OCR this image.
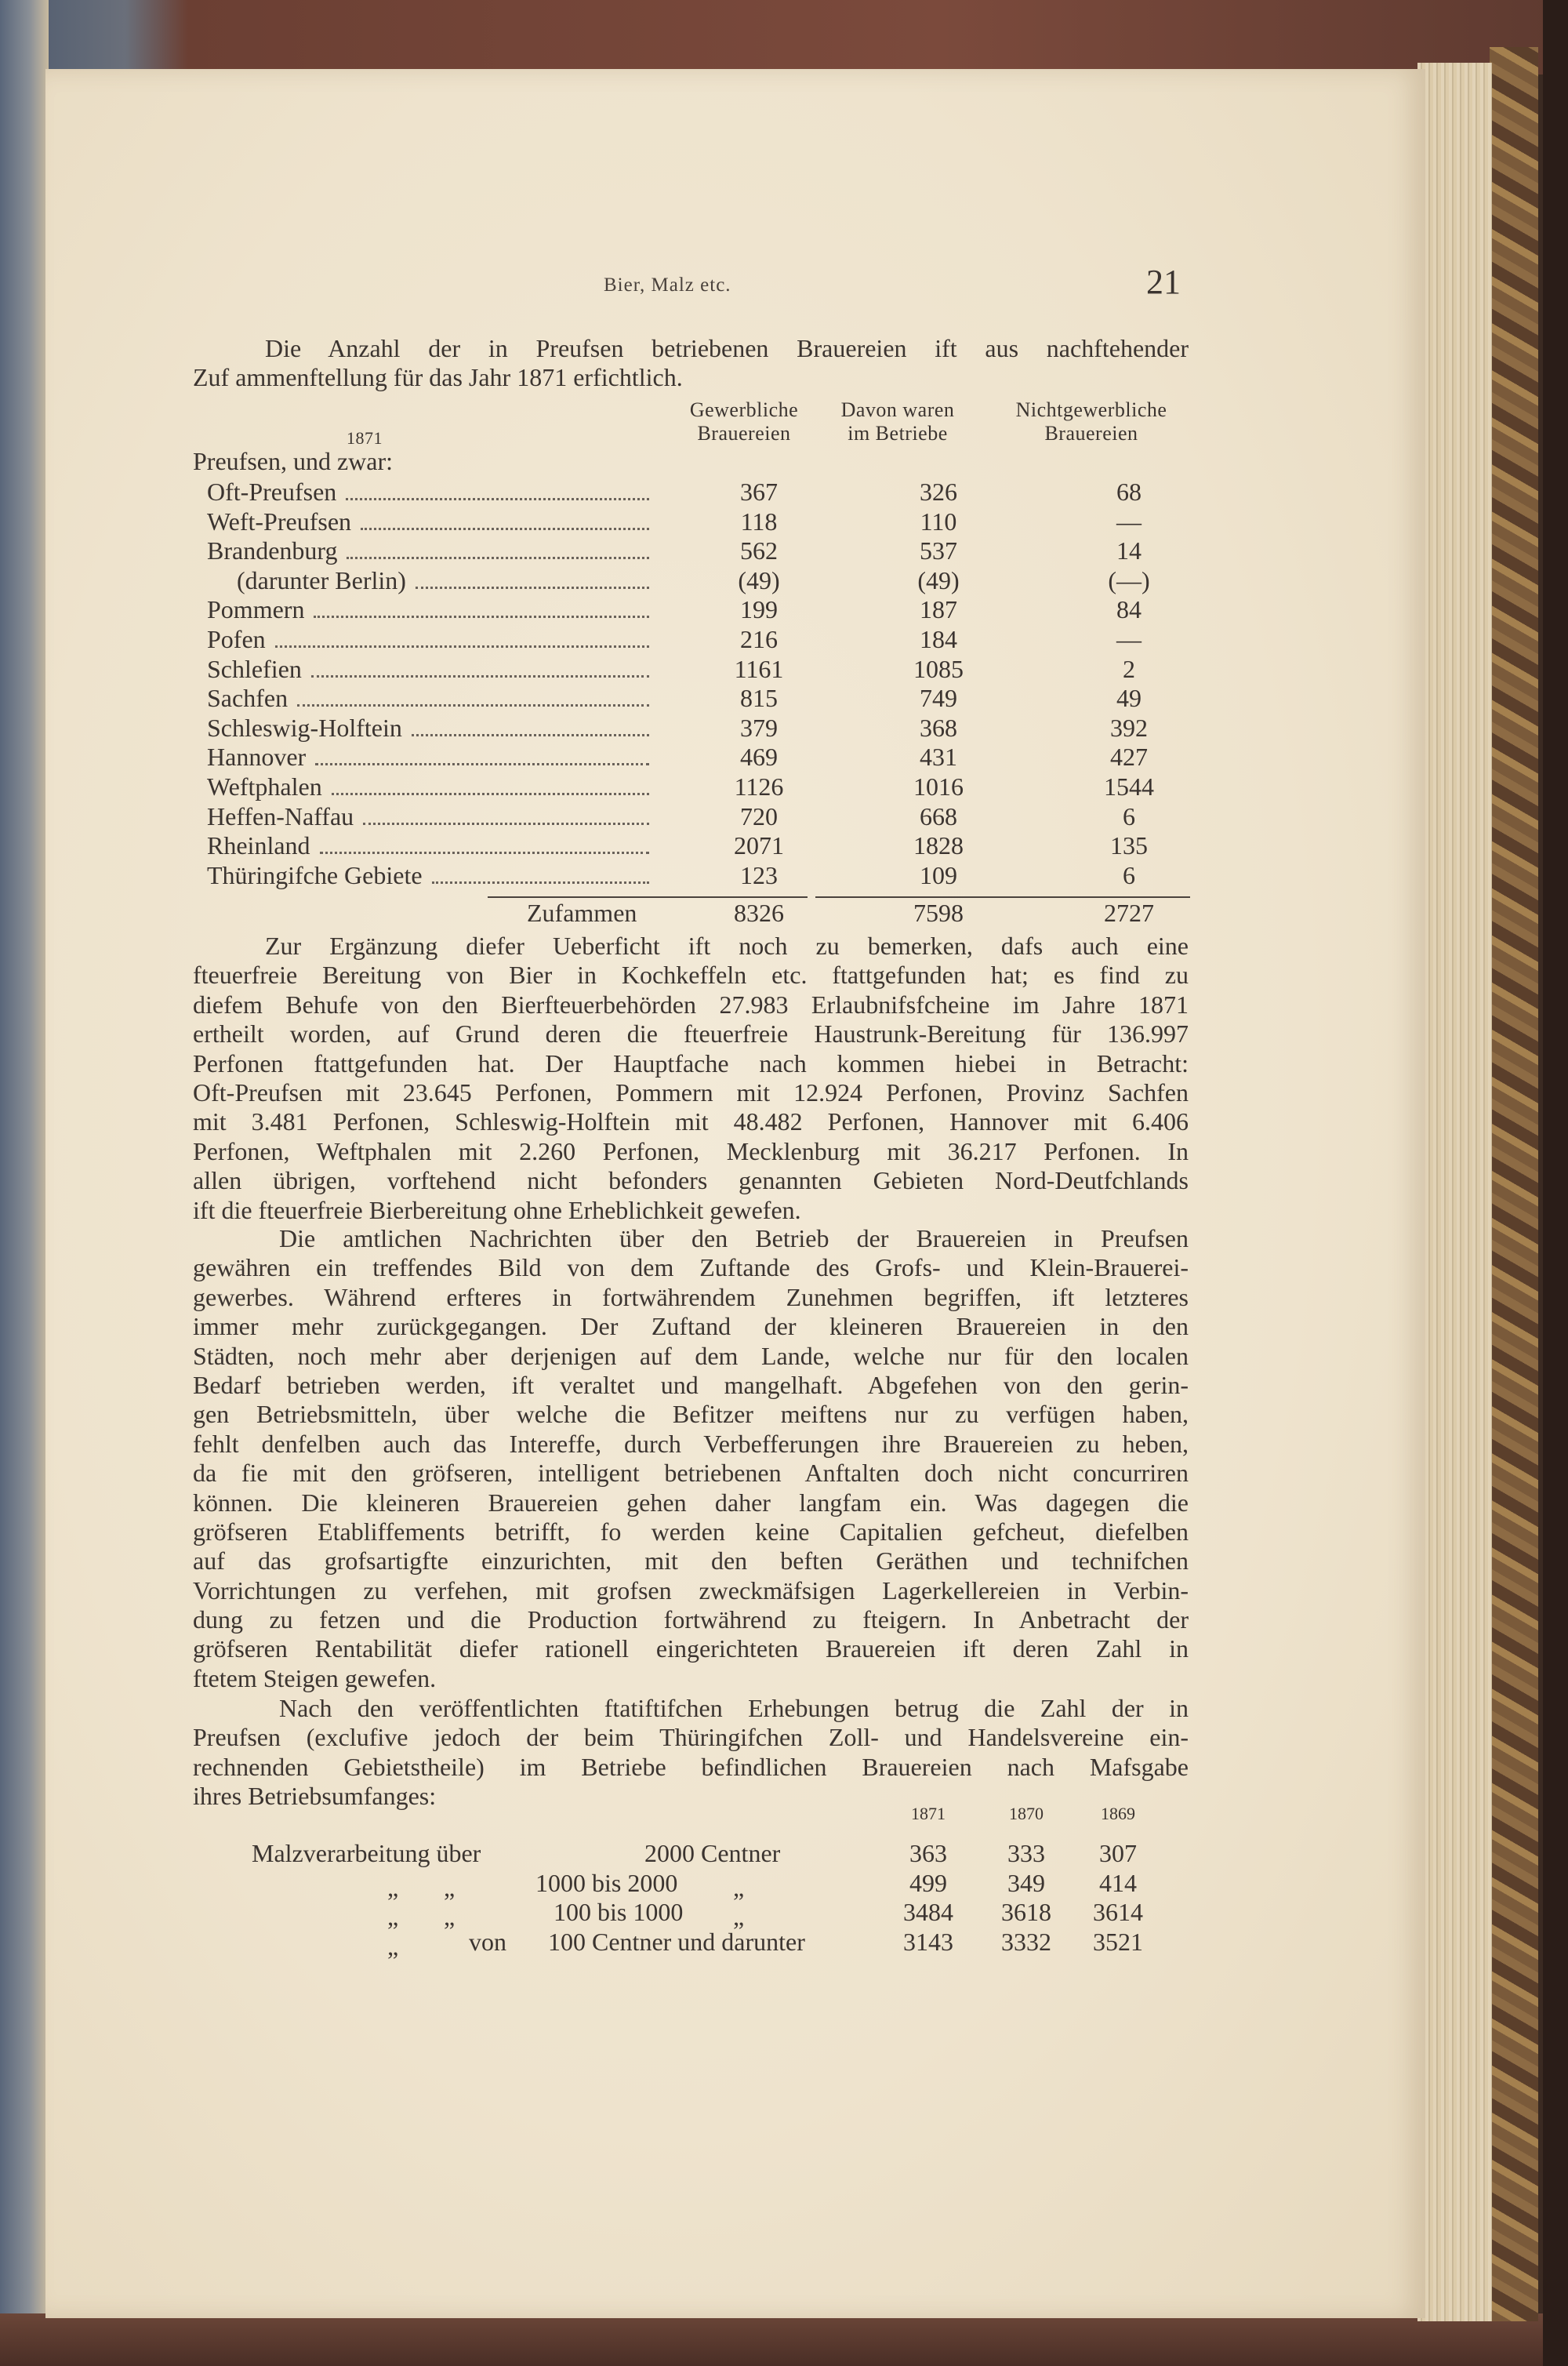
Bier, Malz etc.	21
Die Anzahl der in Preufsen betriebenen Brauereien ift aus nachftehender
Zuf ammenftellung für das Jahr 1871 erfichtlich.
1871
Gewerbliche
Brauereien
Davon waren
im Betriebe
Nichtgewerbliche
Brauereien
Preufsen, und zwar:
Oft-Preufsen	367	326	68
Weft-Preufsen	118	110	—
Brandenburg	562	537	14
(darunter Berlin)	(49)	(49)	(—)
Pommern	199	187	84
Pofen	216	184	—
Schlefien	1161	1085	2
Sachfen	815	749	49
Schleswig-Holftein	379	368	392
Hannover	469	431	427
Weftphalen	1126	1016	1544
Heffen-Naffau	720	668	6
Rheinland	2071	1828	135
Thüringifche Gebiete	123	109	6
Zufammen	8326	7598	2727
Zur Ergänzung diefer Ueberficht ift noch zu bemerken, dafs auch eine
fteuerfreie Bereitung von Bier in Kochkeffeln etc. ftattgefunden hat; es find zu
diefem Behufe von den Bierfteuerbehörden 27.983 Erlaubnifsfcheine im Jahre 1871
ertheilt worden, auf Grund deren die fteuerfreie Haustrunk-Bereitung für 136.997
Perfonen ftattgefunden hat. Der Hauptfache nach kommen hiebei in Betracht:
Oft-Preufsen mit 23.645 Perfonen, Pommern mit 12.924 Perfonen, Provinz Sachfen
mit 3.481 Perfonen, Schleswig-Holftein mit 48.482 Perfonen, Hannover mit 6.406
Perfonen, Weftphalen mit 2.260 Perfonen, Mecklenburg mit 36.217 Perfonen. In
allen übrigen, vorftehend nicht befonders genannten Gebieten Nord-Deutfchlands
ift die fteuerfreie Bierbereitung ohne Erheblichkeit gewefen.
Die amtlichen Nachrichten über den Betrieb der Brauereien in Preufsen
gewähren ein treffendes Bild von dem Zuftande des Grofs- und Klein-Brauerei-
gewerbes. Während erfteres in fortwährendem Zunehmen begriffen, ift letzteres
immer mehr zurückgegangen. Der Zuftand der kleineren Brauereien in den
Städten, noch mehr aber derjenigen auf dem Lande, welche nur für den localen
Bedarf betrieben werden, ift veraltet und mangelhaft. Abgefehen von den gerin-
gen Betriebsmitteln, über welche die Befitzer meiftens nur zu verfügen haben,
fehlt denfelben auch das Intereffe, durch Verbefferungen ihre Brauereien zu heben,
da fie mit den gröfseren, intelligent betriebenen Anftalten doch nicht concurriren
können. Die kleineren Brauereien gehen daher langfam ein. Was dagegen die
gröfseren Etabliffements betrifft, fo werden keine Capitalien gefcheut, diefelben
auf das grofsartigfte einzurichten, mit den beften Geräthen und technifchen
Vorrichtungen zu verfehen, mit grofsen zweckmäfsigen Lagerkellereien in Verbin-
dung zu fetzen und die Production fortwährend zu fteigern. In Anbetracht der
gröfseren Rentabilität diefer rationell eingerichteten Brauereien ift deren Zahl in
ftetem Steigen gewefen.
Nach den veröffentlichten ftatiftifchen Erhebungen betrug die Zahl der in
Preufsen (exclufive jedoch der beim Thüringifchen Zoll- und Handelsvereine ein-
rechnenden Gebietstheile) im Betriebe befindlichen Brauereien nach Mafsgabe
ihres Betriebsumfanges:
1871	1870	1869
Malzverarbeitung über	2000 Centner	363	333	307
„ „	1000 bis 2000 „	499	349	414
„ „	100 bis 1000 „	3484	3618	3614
„	von 100 Centner und darunter	3143	3332	3521
